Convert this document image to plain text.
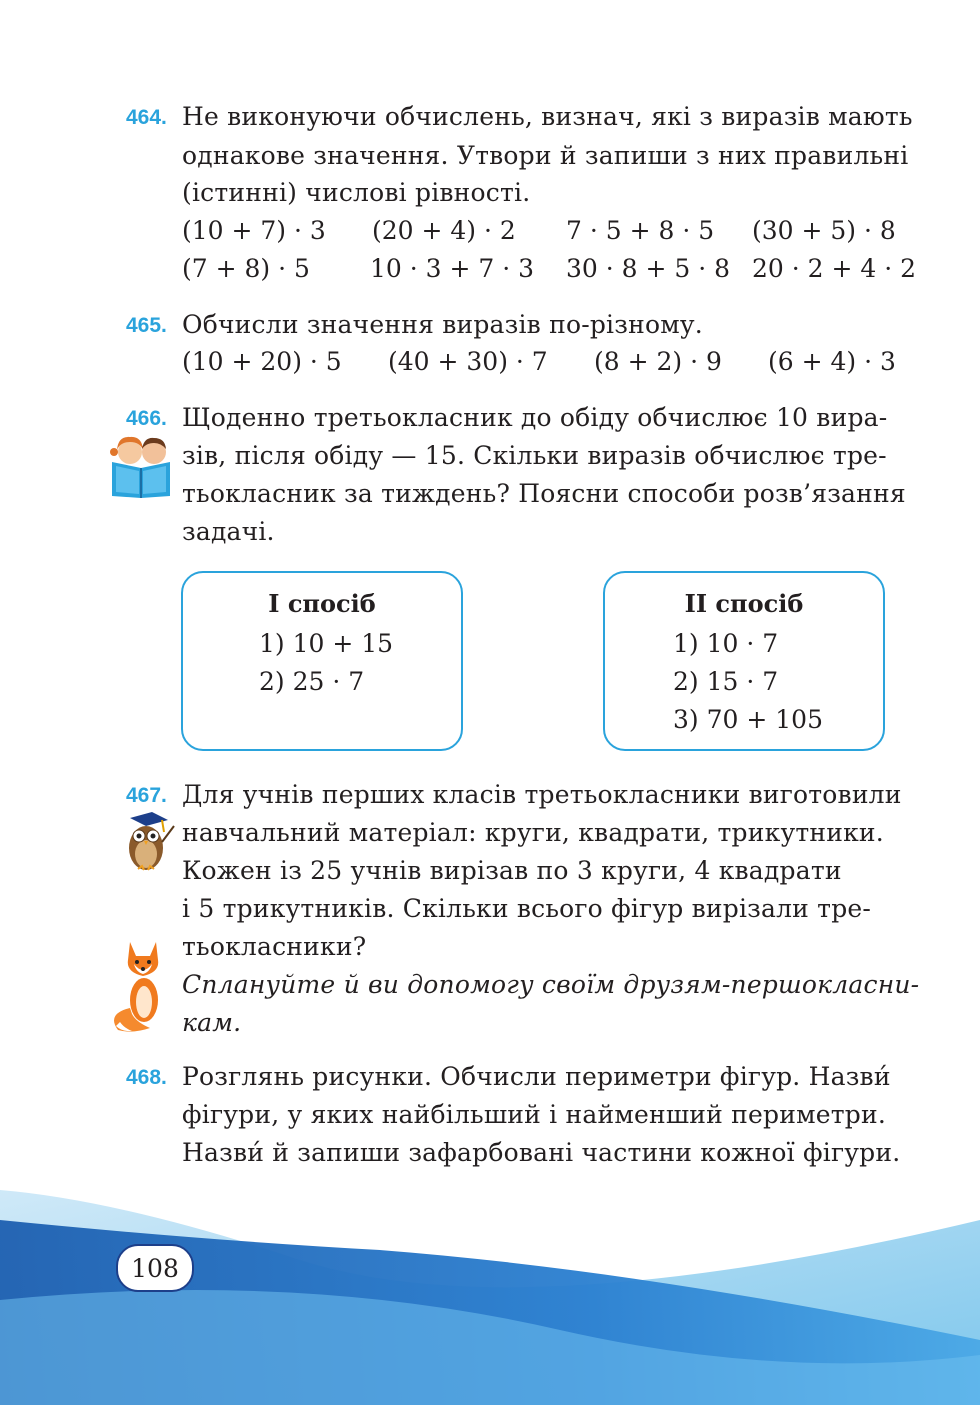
464. Не виконуючи обчислень, визнач, які з виразів мають
однакове значення. Утвори й запиши з них правильні
(істинні) числові рівності.
(10 + 7) · 3 (20 + 4) · 2 7 · 5 + 8 · 5 (30 + 5) · 8
(7 + 8) · 5 10 · 3 + 7 · 3 30 · 8 + 5 · 8 20 · 2 + 4 · 2
465. Обчисли значення виразів по-різному.
(10 + 20) · 5 (40 + 30) · 7 (8 + 2) · 9 (6 + 4) · 3
466. Щоденно третьокласник до обіду обчислює 10 вира-
зів, після обіду — 15. Скільки виразів обчислює тре-
тьокласник за тиждень? Поясни способи розв’язання
задачі.
I спосіб
1) 10 + 15
2) 25 · 7
II спосіб
1) 10 · 7
2) 15 · 7
3) 70 + 105
467. Для учнів перших класів третьокласники виготовили
навчальний матеріал: круги, квадрати, трикутники.
Кожен із 25 учнів вирізав по 3 круги, 4 квадрати
і 5 трикутників. Скільки всього фігур вирізали тре-
тьокласники?
Сплануйте й ви допомогу своїм друзям-першокласни-
кам.
468. Розглянь рисунки. Обчисли периметри фігур. Назви́
фігури, у яких найбільший і найменший периметри.
Назви́ й запиши зафарбовані частини кожної фігури.
108
